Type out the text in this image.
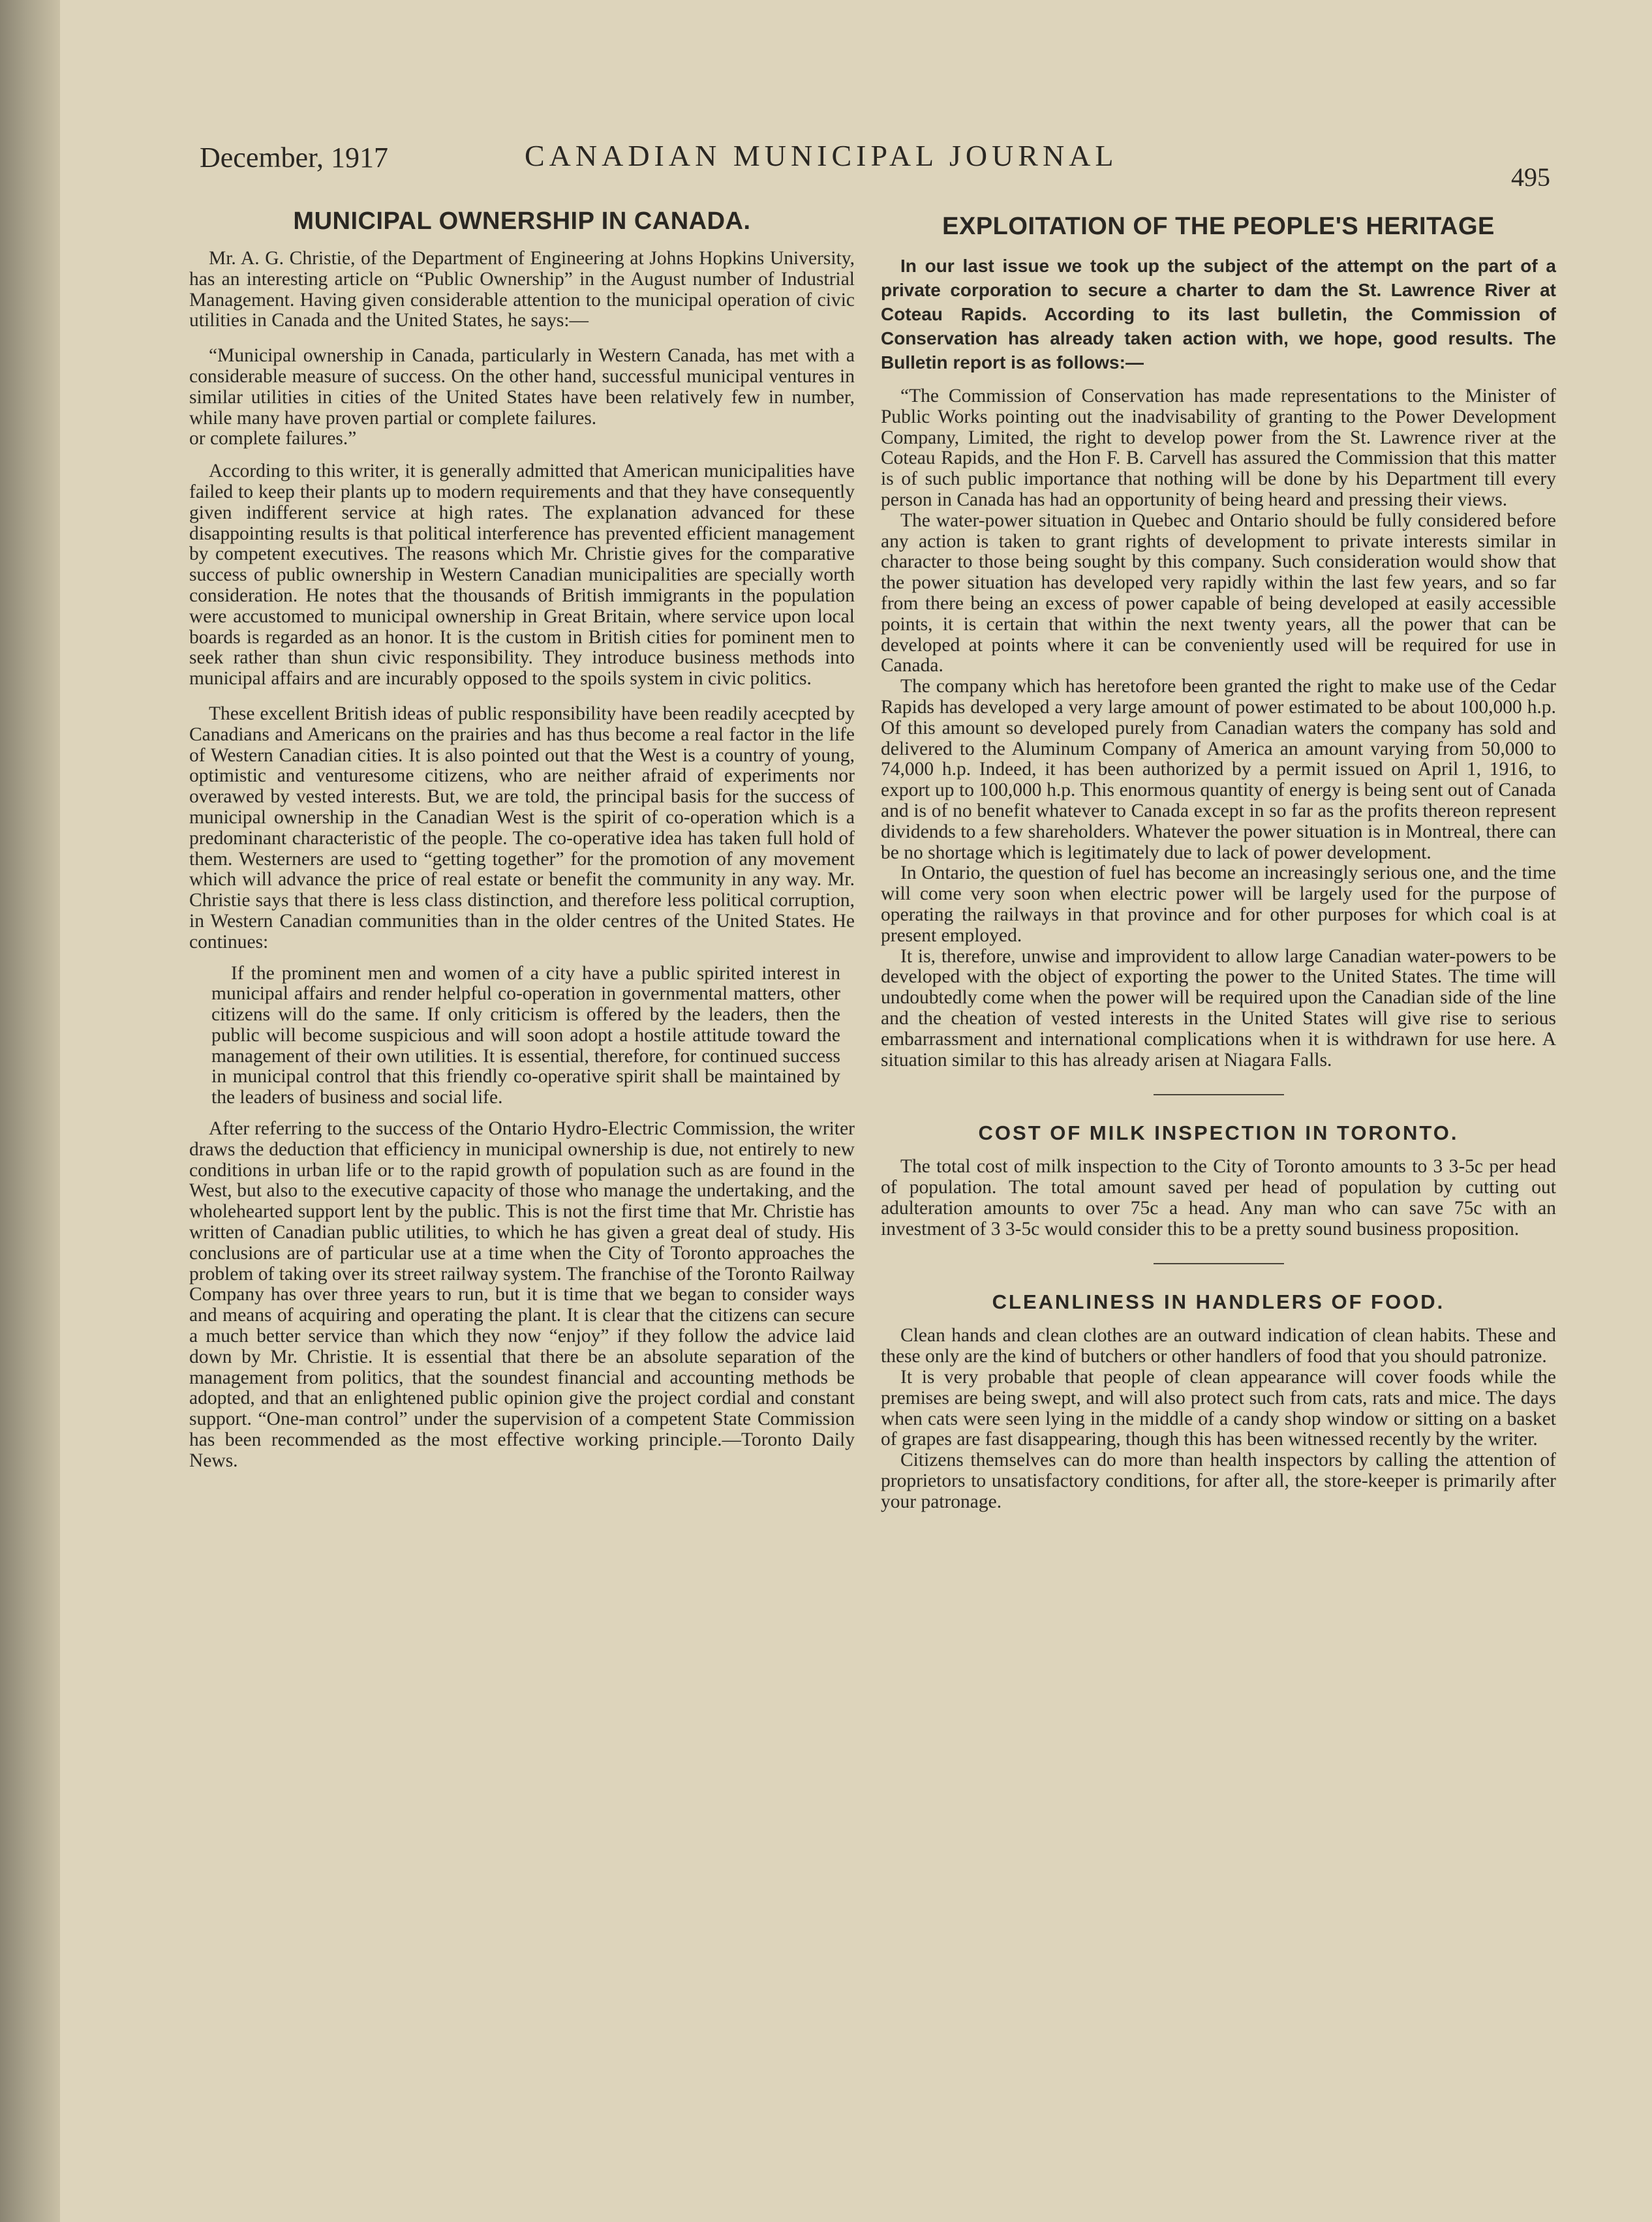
December, 1917	CANADIAN MUNICIPAL JOURNAL
495
MUNICIPAL OWNERSHIP IN CANADA.

Mr. A. G. Christie, of the Department of Engineering at Johns Hopkins University, has an interesting article on “Public Ownership” in the August number of Industrial Management. Having given considerable attention to the municipal operation of civic utilities in Canada and the United States, he says:—

“Municipal ownership in Canada, particularly in Western Canada, has met with a considerable measure of success. On the other hand, successful municipal ventures in similar utilities in cities of the United States have been relatively few in number, while many have proven partial or complete failures.

or complete failures.”

According to this writer, it is generally admitted that American municipalities have failed to keep their plants up to modern requirements and that they have consequently given indifferent service at high rates. The explanation advanced for these disappointing results is that political interference has prevented efficient management by competent executives. The reasons which Mr. Christie gives for the comparative success of public ownership in Western Canadian municipalities are specially worth consideration. He notes that the thousands of British immigrants in the population were accustomed to municipal ownership in Great Britain, where service upon local boards is regarded as an honor. It is the custom in British cities for pominent men to seek rather than shun civic responsibility. They introduce business methods into municipal affairs and are incurably opposed to the spoils system in civic politics.

These excellent British ideas of public responsibility have been readily acecpted by Canadians and Americans on the prairies and has thus become a real factor in the life of Western Canadian cities. It is also pointed out that the West is a country of young, optimistic and venturesome citizens, who are neither afraid of experiments nor overawed by vested interests. But, we are told, the principal basis for the success of municipal ownership in the Canadian West is the spirit of co-operation which is a predominant characteristic of the people. The co-operative idea has taken full hold of them. Westerners are used to “getting together” for the promotion of any movement which will advance the price of real estate or benefit the community in any way. Mr. Christie says that there is less class distinction, and therefore less political corruption, in Western Canadian communities than in the older centres of the United States. He continues:

If the prominent men and women of a city have a public spirited interest in municipal affairs and render helpful co-operation in governmental matters, other citizens will do the same. If only criticism is offered by the leaders, then the public will become suspicious and will soon adopt a hostile attitude toward the management of their own utilities. It is essential, therefore, for continued success in municipal control that this friendly co-operative spirit shall be maintained by the leaders of business and social life.

After referring to the success of the Ontario Hydro-Electric Commission, the writer draws the deduction that efficiency in municipal ownership is due, not entirely to new conditions in urban life or to the rapid growth of population such as are found in the West, but also to the executive capacity of those who manage the undertaking, and the wholehearted support lent by the public. This is not the first time that Mr. Christie has written of Canadian public utilities, to which he has given a great deal of study. His conclusions are of particular use at a time when the City of Toronto approaches the problem of taking over its street railway system. The franchise of the Toronto Railway Company has over three years to run, but it is time that we began to consider ways and means of acquiring and operating the plant. It is clear that the citizens can secure a much better service than which they now “enjoy” if they follow the advice laid down by Mr. Christie. It is essential that there be an absolute separation of the management from politics, that the soundest financial and accounting methods be adopted, and that an enlightened public opinion give the project cordial and constant support. “One-man control” under the supervision of a competent State Commission has been recommended as the most effective working principle.—Toronto Daily News.

EXPLOITATION OF THE PEOPLE'S HERITAGE

In our last issue we took up the subject of the attempt on the part of a private corporation to secure a charter to dam the St. Lawrence River at Coteau Rapids. According to its last bulletin, the Commission of Conservation has already taken action with, we hope, good results. The Bulletin report is as follows:—

“The Commission of Conservation has made representations to the Minister of Public Works pointing out the inadvisability of granting to the Power Development Company, Limited, the right to develop power from the St. Lawrence river at the Coteau Rapids, and the Hon F. B. Carvell has assured the Commission that this matter is of such public importance that nothing will be done by his Department till every person in Canada has had an opportunity of being heard and pressing their views.

The water-power situation in Quebec and Ontario should be fully considered before any action is taken to grant rights of development to private interests similar in character to those being sought by this company. Such consideration would show that the power situation has developed very rapidly within the last few years, and so far from there being an excess of power capable of being developed at easily accessible points, it is certain that within the next twenty years, all the power that can be developed at points where it can be conveniently used will be required for use in Canada.

The company which has heretofore been granted the right to make use of the Cedar Rapids has developed a very large amount of power estimated to be about 100,000 h.p. Of this amount so developed purely from Canadian waters the company has sold and delivered to the Aluminum Company of America an amount varying from 50,000 to 74,000 h.p. Indeed, it has been authorized by a permit issued on April 1, 1916, to export up to 100,000 h.p. This enormous quantity of energy is being sent out of Canada and is of no benefit whatever to Canada except in so far as the profits thereon represent dividends to a few shareholders. Whatever the power situation is in Montreal, there can be no shortage which is legitimately due to lack of power development.

In Ontario, the question of fuel has become an increasingly serious one, and the time will come very soon when electric power will be largely used for the purpose of operating the railways in that province and for other purposes for which coal is at present employed.

It is, therefore, unwise and improvident to allow large Canadian water-powers to be developed with the object of exporting the power to the United States. The time will undoubtedly come when the power will be required upon the Canadian side of the line and the cheation of vested interests in the United States will give rise to serious embarrassment and international complications when it is withdrawn for use here. A situation similar to this has already arisen at Niagara Falls.

COST OF MILK INSPECTION IN TORONTO.

The total cost of milk inspection to the City of Toronto amounts to 3 3-5c per head of population. The total amount saved per head of population by cutting out adulteration amounts to over 75c a head. Any man who can save 75c with an investment of 3 3-5c would consider this to be a pretty sound business proposition.

CLEANLINESS IN HANDLERS OF FOOD.

Clean hands and clean clothes are an outward indication of clean habits. These and these only are the kind of butchers or other handlers of food that you should patronize.

It is very probable that people of clean appearance will cover foods while the premises are being swept, and will also protect such from cats, rats and mice. The days when cats were seen lying in the middle of a candy shop window or sitting on a basket of grapes are fast disappearing, though this has been witnessed recently by the writer.

Citizens themselves can do more than health inspectors by calling the attention of proprietors to unsatisfactory conditions, for after all, the store-keeper is primarily after your patronage.
